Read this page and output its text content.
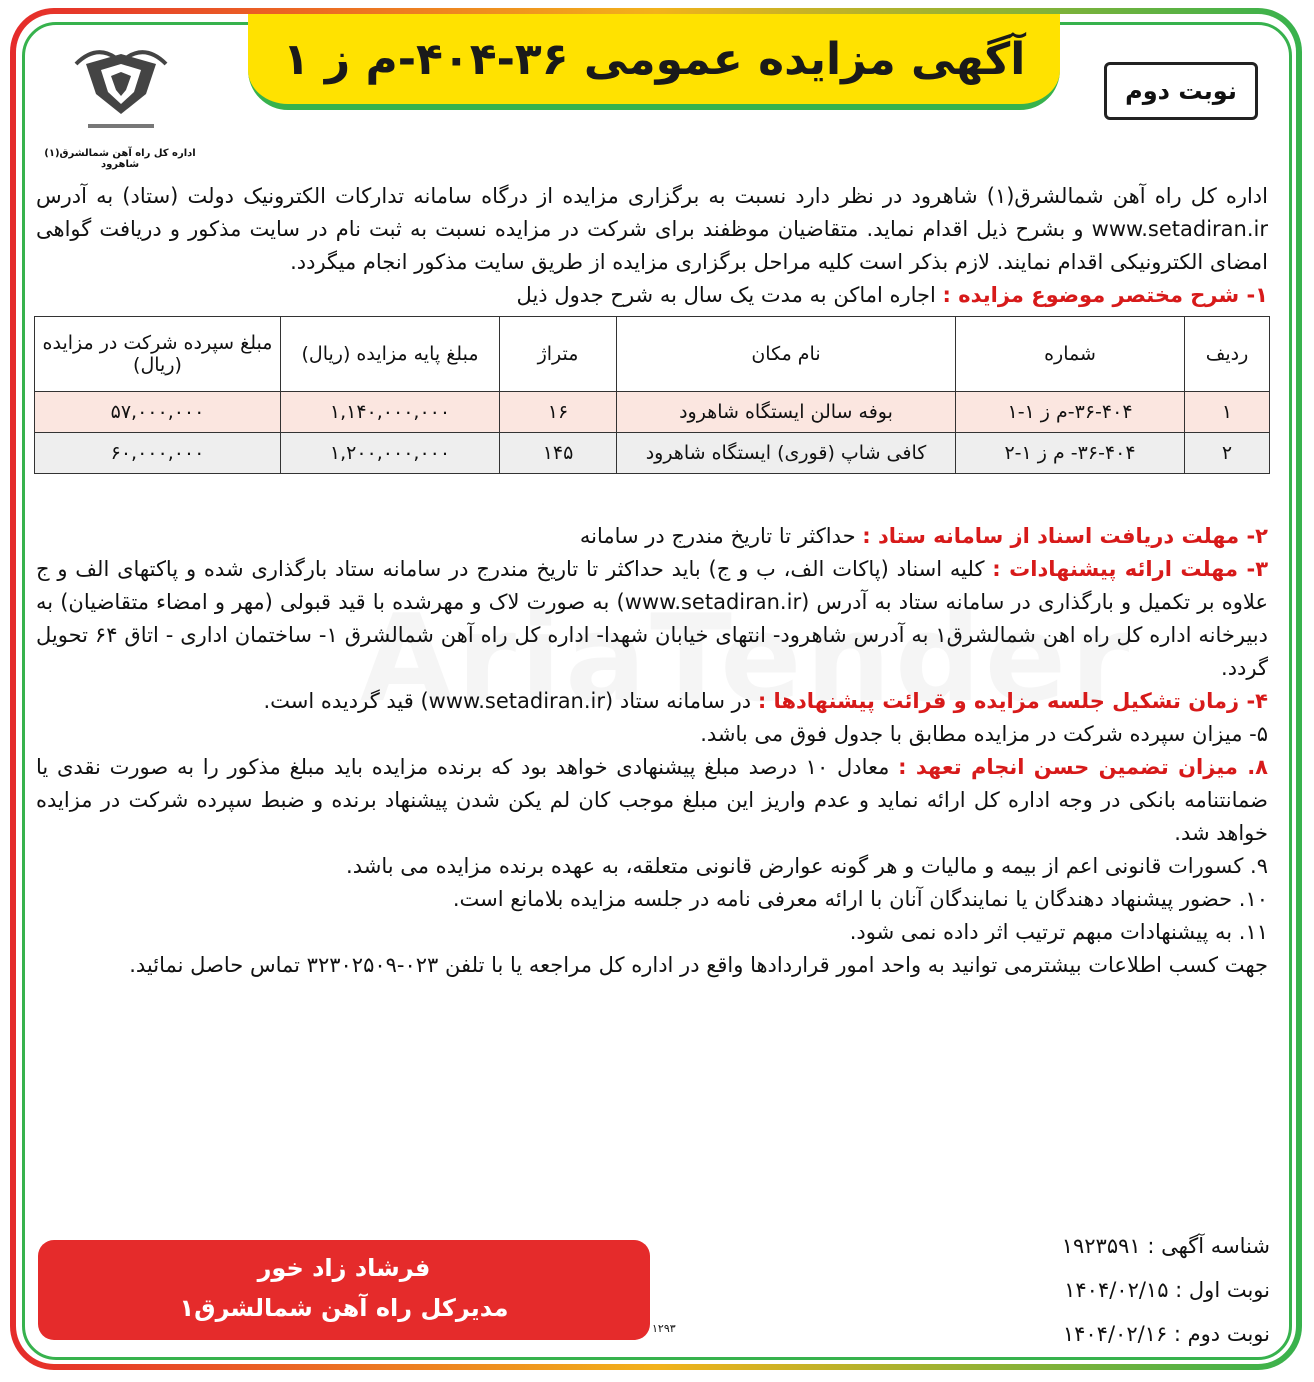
آگهی مزایده عمومی ۳۶-۴۰۴-م ز ۱
نوبت دوم
اداره کل راه آهن شمالشرق(۱) شاهرود

اداره کل راه آهن شمالشرق(۱) شاهرود در نظر دارد نسبت به برگزاری مزایده از درگاه سامانه تدارکات الکترونیک دولت (ستاد) به آدرس www.setadiran.ir و بشرح ذیل اقدام نماید. متقاضیان موظفند برای شرکت در مزایده نسبت به ثبت نام در سایت مذکور و دریافت گواهی امضای الکترونیکی اقدام نمایند. لازم بذکر است کلیه مراحل برگزاری مزایده از طریق سایت مذکور انجام میگردد.

۱- شرح مختصر موضوع مزایده : اجاره اماکن به مدت یک سال به شرح جدول ذیل

ردیف	شماره	نام مکان	متراژ	مبلغ پایه مزایده (ریال)	مبلغ سپرده شرکت در مزایده (ریال)
۱	۳۶-۴۰۴-م ز ۱-۱	بوفه سالن ایستگاه شاهرود	۱۶	۱,۱۴۰,۰۰۰,۰۰۰	۵۷,۰۰۰,۰۰۰
۲	۳۶-۴۰۴- م ز ۱-۲	کافی شاپ (قوری) ایستگاه شاهرود	۱۴۵	۱,۲۰۰,۰۰۰,۰۰۰	۶۰,۰۰۰,۰۰۰

۲- مهلت دریافت اسناد از سامانه ستاد : حداکثر تا تاریخ مندرج در سامانه

۳- مهلت ارائه پیشنهادات : کلیه اسناد (پاکات الف، ب و ج) باید حداکثر تا تاریخ مندرج در سامانه ستاد بارگذاری شده و پاکتهای الف و ج علاوه بر تکمیل و بارگذاری در سامانه ستاد به آدرس (www.setadiran.ir) به صورت لاک و مهرشده با قید قبولی (مهر و امضاء متقاضیان) به دبیرخانه اداره کل راه اهن شمالشرق۱ به آدرس شاهرود- انتهای خیابان شهدا- اداره کل راه آهن شمالشرق ۱- ساختمان اداری - اتاق ۶۴ تحویل گردد.

۴- زمان تشکیل جلسه مزایده و قرائت پیشنهادها : در سامانه ستاد (www.setadiran.ir) قید گردیده است.

۵- میزان سپرده شرکت در مزایده مطابق با جدول فوق می باشد.

۸. میزان تضمین حسن انجام تعهد : معادل ۱۰ درصد مبلغ پیشنهادی خواهد بود که برنده مزایده باید مبلغ مذکور را به صورت نقدی یا ضمانتنامه بانکی در وجه اداره کل ارائه نماید و عدم واریز این مبلغ موجب کان لم یکن شدن پیشنهاد برنده و ضبط سپرده شرکت در مزایده خواهد شد.

۹. کسورات قانونی اعم از بیمه و مالیات و هر گونه عوارض قانونی متعلقه، به عهده برنده مزایده می باشد.

۱۰. حضور پیشنهاد دهندگان یا نمایندگان آنان با ارائه معرفی نامه در جلسه مزایده بلامانع است.

۱۱. به پیشنهادات مبهم ترتیب اثر داده نمی شود.

جهت کسب اطلاعات بیشترمی توانید به واحد امور قراردادها واقع در اداره کل مراجعه یا با تلفن ۰۲۳-۳۲۳۰۲۵۰۹ تماس حاصل نمائید.

شناسه آگهی : ۱۹۲۳۵۹۱

نوبت اول : ۱۴۰۴/۰۲/۱۵

نوبت دوم : ۱۴۰۴/۰۲/۱۶

فرشاد زاد خور
مدیرکل راه آهن شمالشرق۱
۱۲۹۳
